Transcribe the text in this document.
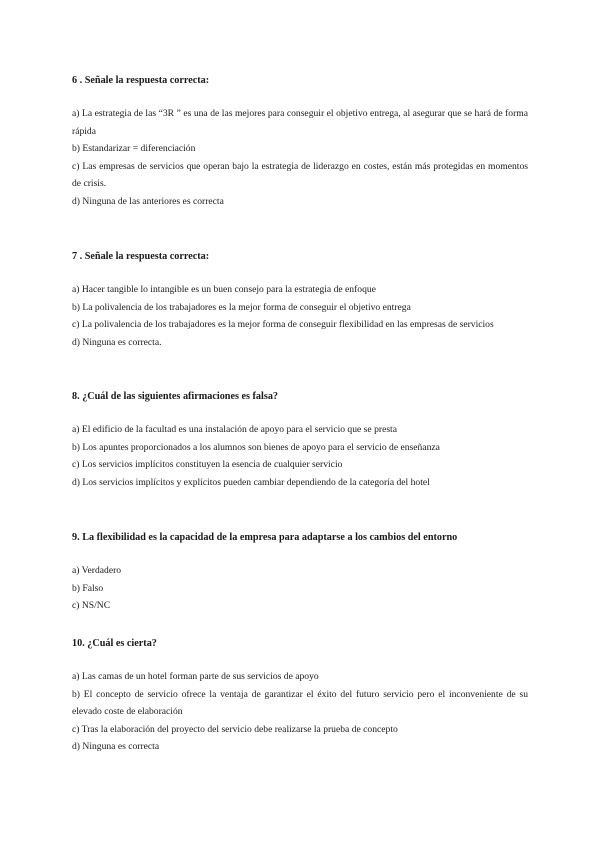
6 . Señale la respuesta correcta:

a) La estrategia de las “3R ” es una de las mejores para conseguir el objetivo entrega, al asegurar que se hará de forma rápida

b) Estandarizar = diferenciación

c) Las empresas de servicios que operan bajo la estrategia de liderazgo en costes, están más protegidas en momentos de crisis.

d) Ninguna de las anteriores es correcta

7 . Señale la respuesta correcta:

a) Hacer tangible lo intangible es un buen consejo para la estrategia de enfoque

b) La polivalencia de los trabajadores es la mejor forma de conseguir el objetivo entrega

c) La polivalencia de los trabajadores es la mejor forma de conseguir flexibilidad en las empresas de servicios

d) Ninguna es correcta.

8. ¿Cuál de las siguientes afirmaciones es falsa?

a) El edificio de la facultad es una instalación de apoyo para el servicio que se presta

b) Los apuntes proporcionados a los alumnos son bienes de apoyo para el servicio de enseñanza

c) Los servicios implícitos constituyen la esencia de cualquier servicio

d) Los servicios implícitos y explícitos pueden cambiar dependiendo de la categoría del hotel

9. La flexibilidad es la capacidad de la empresa para adaptarse a los cambios del entorno

a) Verdadero

b) Falso

c) NS/NC

10. ¿Cuál es cierta?

a) Las camas de un hotel forman parte de sus servicios de apoyo

b) El concepto de servicio ofrece la ventaja de garantizar el éxito del futuro servicio pero el inconveniente de su elevado coste de elaboración

c) Tras la elaboración del proyecto del servicio debe realizarse la prueba de concepto

d) Ninguna es correcta
